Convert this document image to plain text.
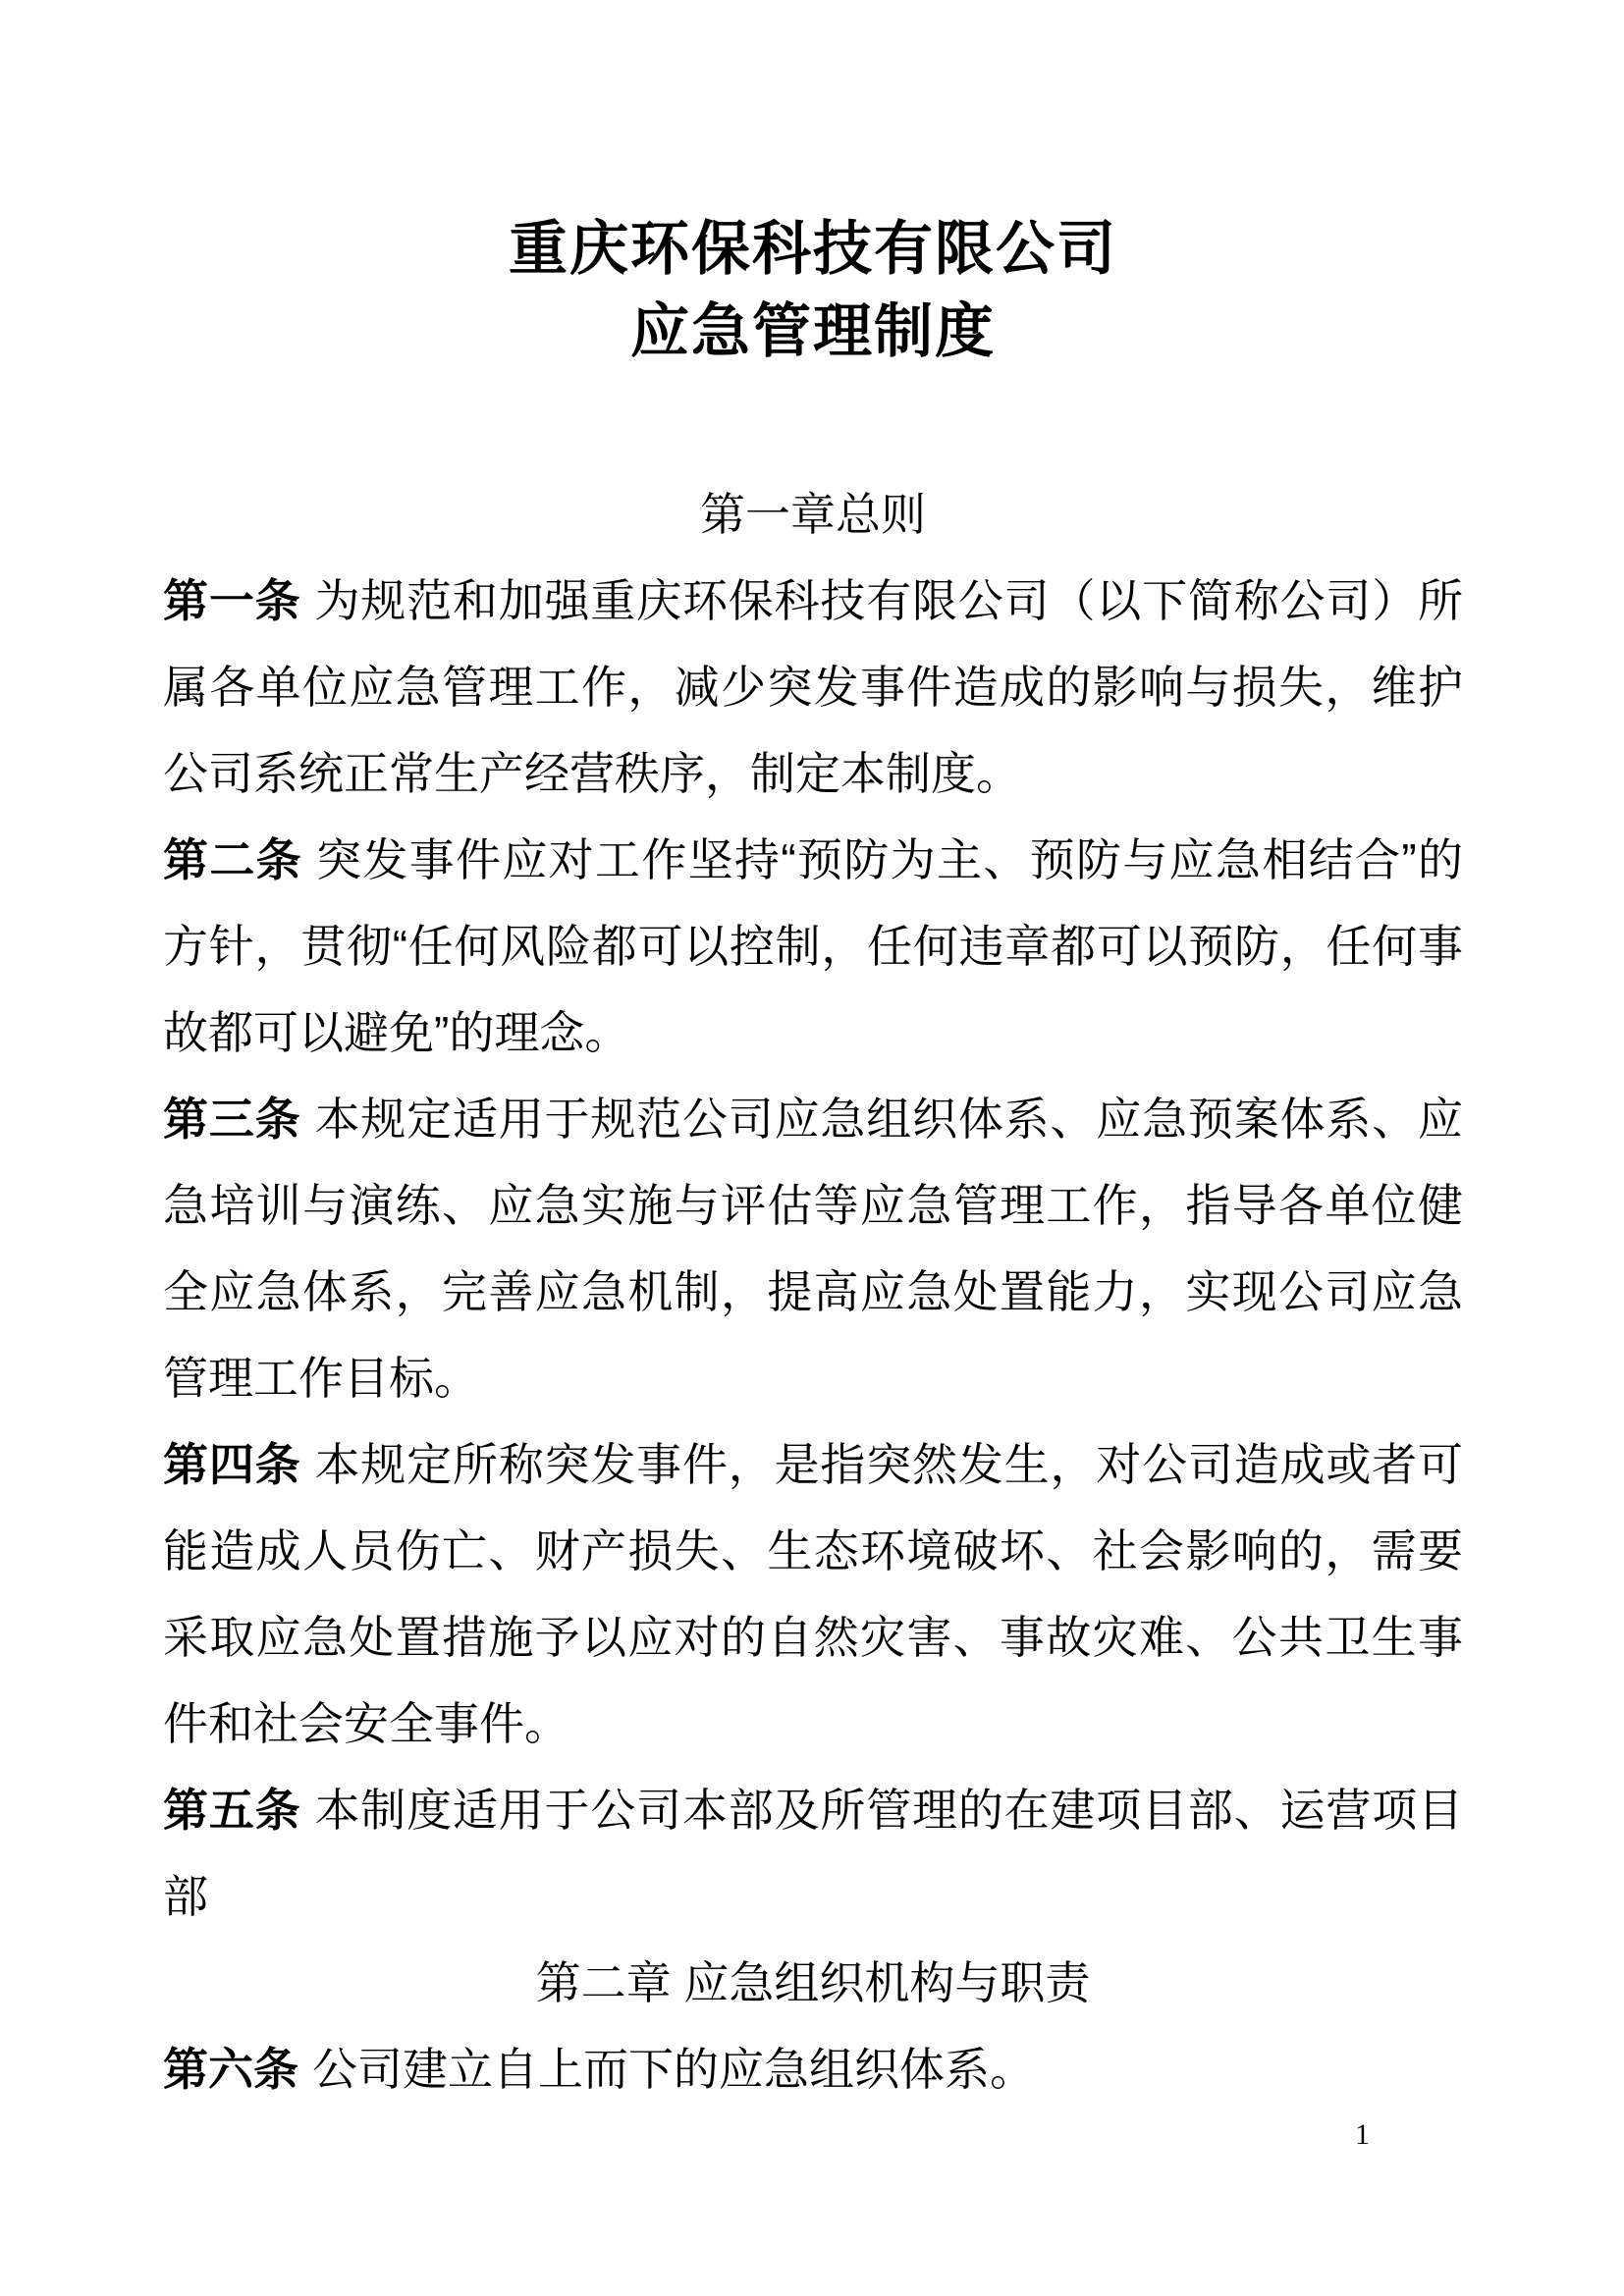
重庆环保科技有限公司
应急管理制度
第一章总则

第一条 为规范和加强重庆环保科技有限公司（以下简称公司）所属各单位应急管理工作，减少突发事件造成的影响与损失，维护公司系统正常生产经营秩序，制定本制度。

第二条 突发事件应对工作坚持“预防为主、预防与应急相结合”的方针，贯彻“任何风险都可以控制，任何违章都可以预防，任何事故都可以避免”的理念。

第三条 本规定适用于规范公司应急组织体系、应急预案体系、应急培训与演练、应急实施与评估等应急管理工作，指导各单位健全应急体系，完善应急机制，提高应急处置能力，实现公司应急管理工作目标。

第四条 本规定所称突发事件，是指突然发生，对公司造成或者可能造成人员伤亡、财产损失、生态环境破坏、社会影响的，需要采取应急处置措施予以应对的自然灾害、事故灾难、公共卫生事件和社会安全事件。

第五条 本制度适用于公司本部及所管理的在建项目部、运营项目部

第二章 应急组织机构与职责

第六条 公司建立自上而下的应急组织体系。

1
